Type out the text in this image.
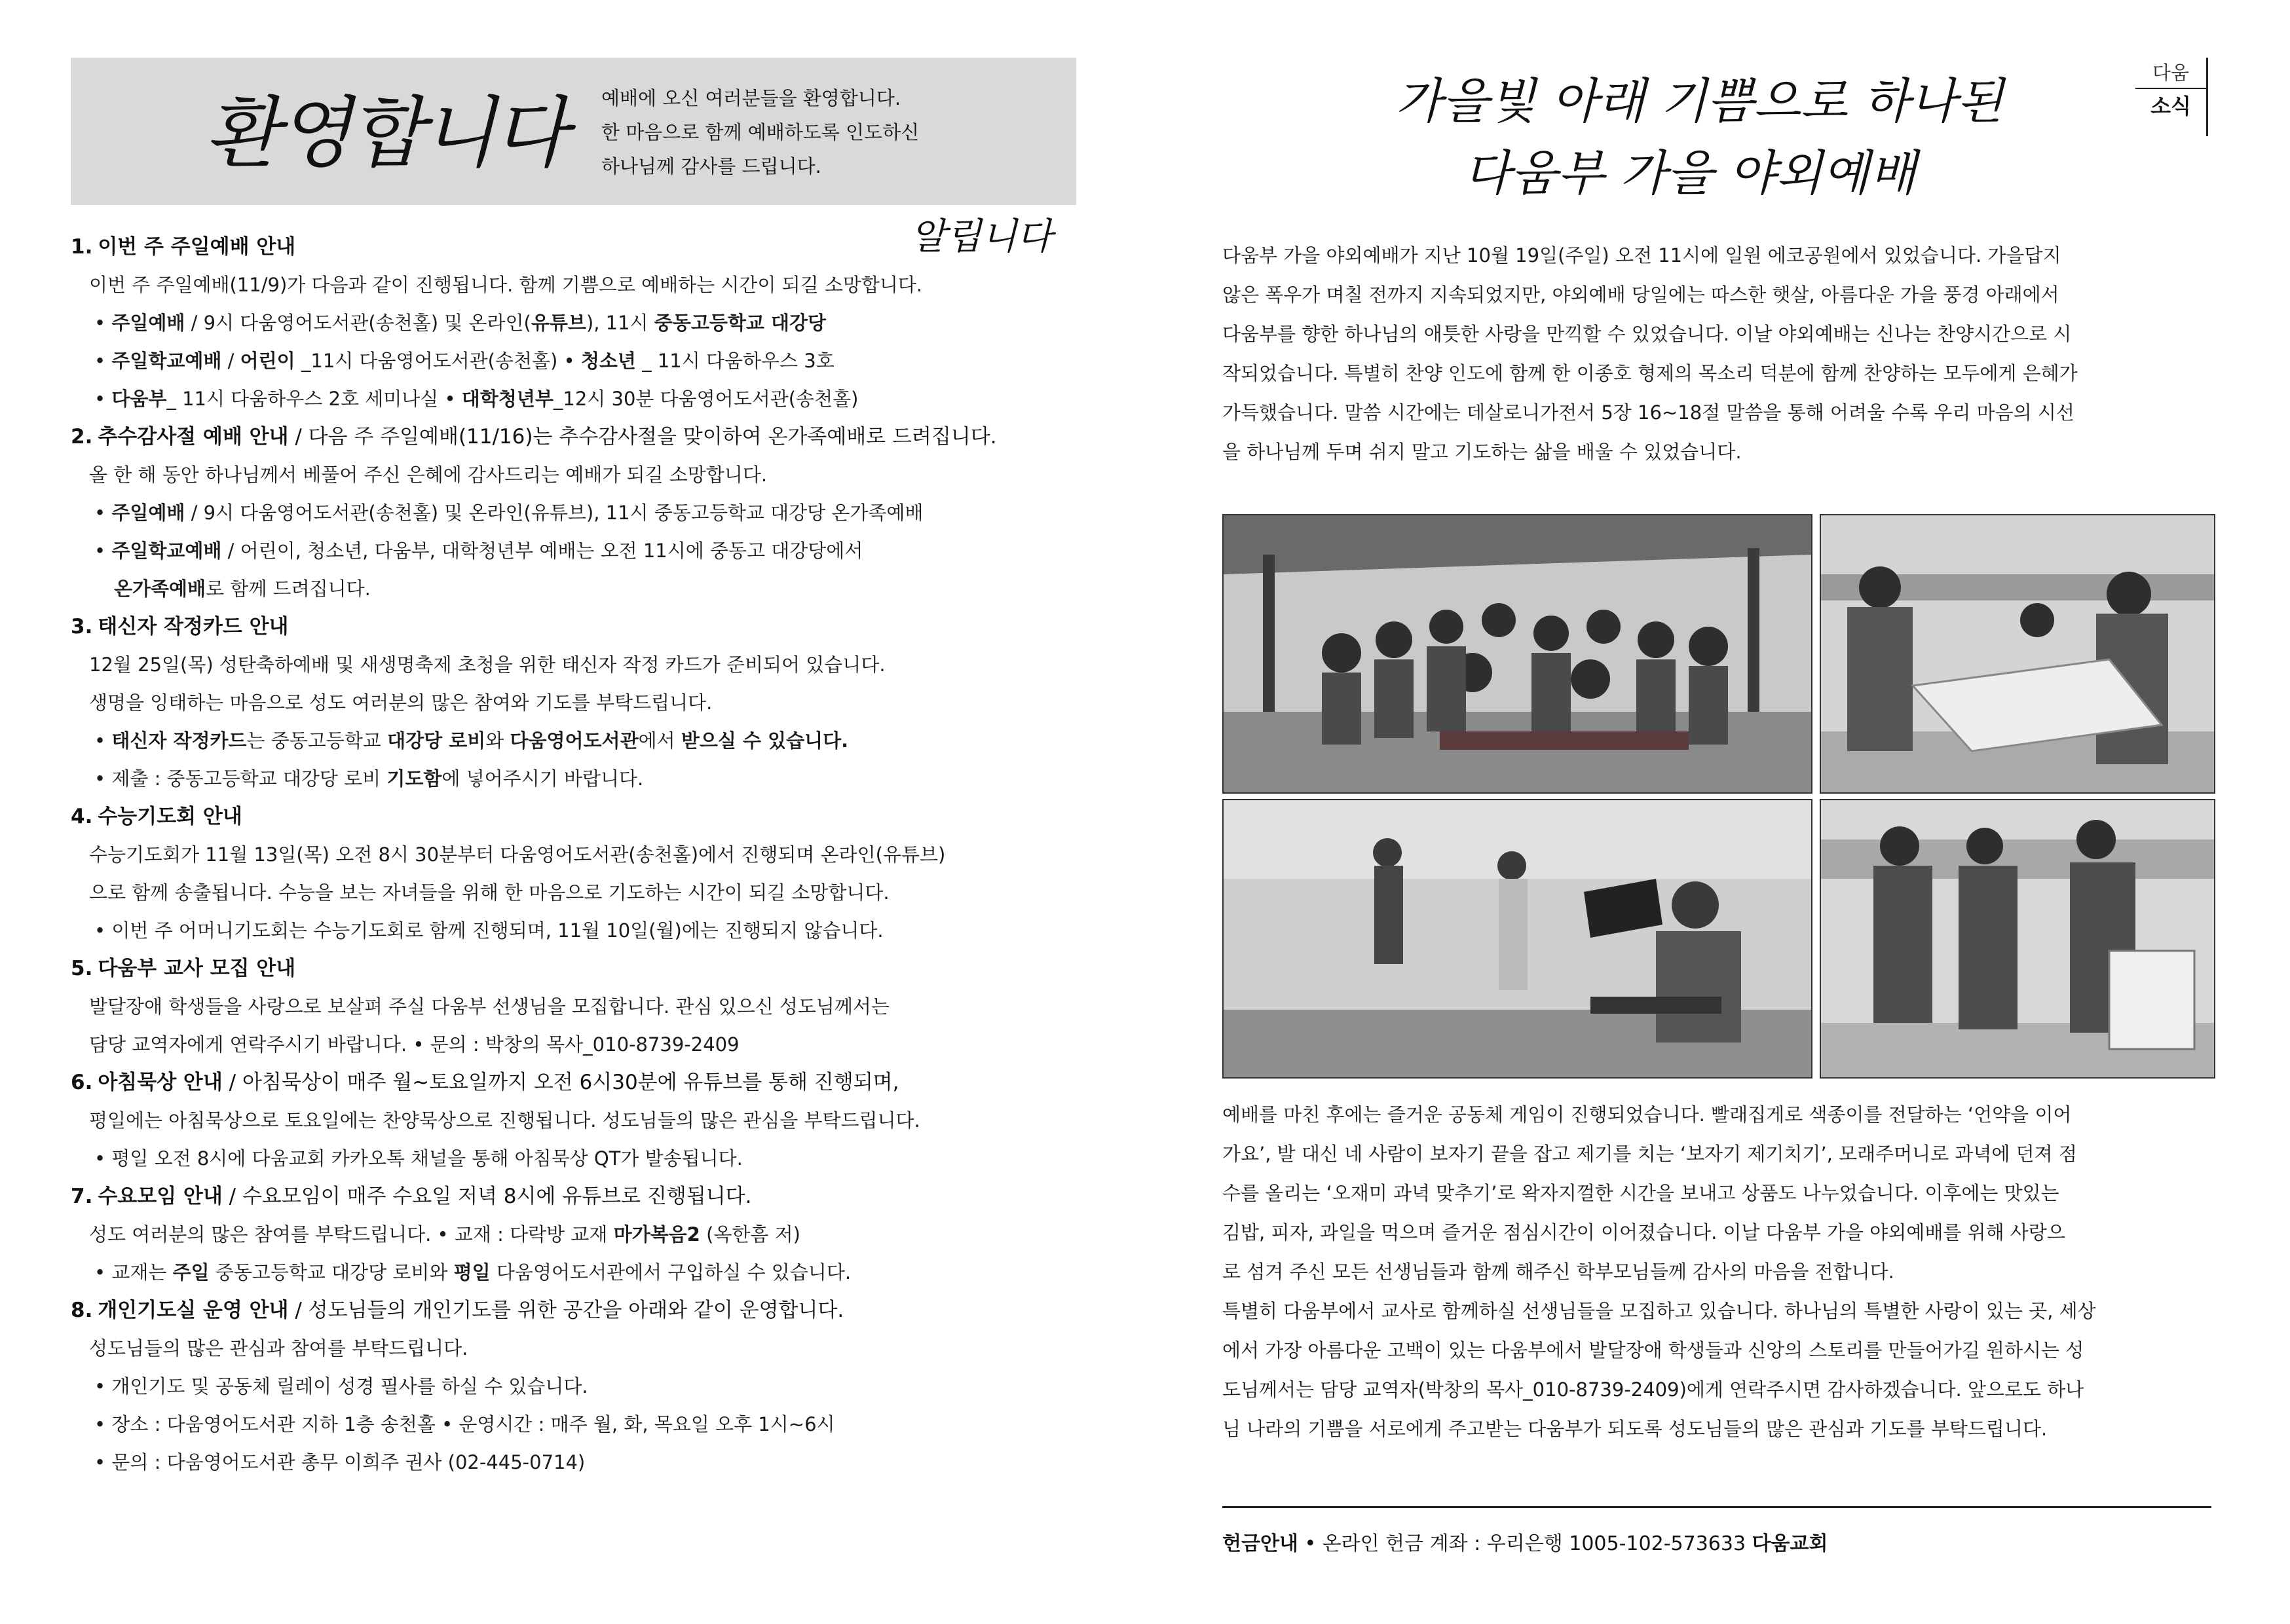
환영합니다	예배에 오신 여러분들을 환영합니다.
한 마음으로 함께 예배하도록 인도하신
하나님께 감사를 드립니다.
알립니다
1. 이번 주 주일예배 안내
이번 주 주일예배(11/9)가 다음과 같이 진행됩니다. 함께 기쁨으로 예배하는 시간이 되길 소망합니다.
• 주일예배 / 9시 다움영어도서관(송천홀) 및 온라인(유튜브), 11시 중동고등학교 대강당
• 주일학교예배 / 어린이 _11시 다움영어도서관(송천홀) • 청소년 _ 11시 다움하우스 3호
• 다움부_ 11시 다움하우스 2호 세미나실 • 대학청년부_12시 30분 다움영어도서관(송천홀)
2. 추수감사절 예배 안내 / 다음 주 주일예배(11/16)는 추수감사절을 맞이하여 온가족예배로 드려집니다.
올 한 해 동안 하나님께서 베풀어 주신 은혜에 감사드리는 예배가 되길 소망합니다.
• 주일예배 / 9시 다움영어도서관(송천홀) 및 온라인(유튜브), 11시 중동고등학교 대강당 온가족예배
• 주일학교예배 / 어린이, 청소년, 다움부, 대학청년부 예배는 오전 11시에 중동고 대강당에서
온가족예배로 함께 드려집니다.
3. 태신자 작정카드 안내
12월 25일(목) 성탄축하예배 및 새생명축제 초청을 위한 태신자 작정 카드가 준비되어 있습니다.
생명을 잉태하는 마음으로 성도 여러분의 많은 참여와 기도를 부탁드립니다.
• 태신자 작정카드는 중동고등학교 대강당 로비와 다움영어도서관에서 받으실 수 있습니다.
• 제출 : 중동고등학교 대강당 로비 기도함에 넣어주시기 바랍니다.
4. 수능기도회 안내
수능기도회가 11월 13일(목) 오전 8시 30분부터 다움영어도서관(송천홀)에서 진행되며 온라인(유튜브)
으로 함께 송출됩니다. 수능을 보는 자녀들을 위해 한 마음으로 기도하는 시간이 되길 소망합니다.
• 이번 주 어머니기도회는 수능기도회로 함께 진행되며, 11월 10일(월)에는 진행되지 않습니다.
5. 다움부 교사 모집 안내
발달장애 학생들을 사랑으로 보살펴 주실 다움부 선생님을 모집합니다. 관심 있으신 성도님께서는
담당 교역자에게 연락주시기 바랍니다. • 문의 : 박창의 목사_010-8739-2409
6. 아침묵상 안내 / 아침묵상이 매주 월~토요일까지 오전 6시30분에 유튜브를 통해 진행되며,
평일에는 아침묵상으로 토요일에는 찬양묵상으로 진행됩니다. 성도님들의 많은 관심을 부탁드립니다.
• 평일 오전 8시에 다움교회 카카오톡 채널을 통해 아침묵상 QT가 발송됩니다.
7. 수요모임 안내 / 수요모임이 매주 수요일 저녁 8시에 유튜브로 진행됩니다.
성도 여러분의 많은 참여를 부탁드립니다. • 교재 : 다락방 교재 마가복음2 (옥한흠 저)
• 교재는 주일 중동고등학교 대강당 로비와 평일 다움영어도서관에서 구입하실 수 있습니다.
8. 개인기도실 운영 안내 / 성도님들의 개인기도를 위한 공간을 아래와 같이 운영합니다.
성도님들의 많은 관심과 참여를 부탁드립니다.
• 개인기도 및 공동체 릴레이 성경 필사를 하실 수 있습니다.
• 장소 : 다움영어도서관 지하 1층 송천홀 • 운영시간 : 매주 월, 화, 목요일 오후 1시~6시
• 문의 : 다움영어도서관 총무 이희주 권사 (02-445-0714)
다움
소식
가을빛 아래 기쁨으로 하나된
다움부 가을 야외예배
다움부 가을 야외예배가 지난 10월 19일(주일) 오전 11시에 일원 에코공원에서 있었습니다. 가을답지
않은 폭우가 며칠 전까지 지속되었지만, 야외예배 당일에는 따스한 햇살, 아름다운 가을 풍경 아래에서
다움부를 향한 하나님의 애틋한 사랑을 만끽할 수 있었습니다. 이날 야외예배는 신나는 찬양시간으로 시
작되었습니다. 특별히 찬양 인도에 함께 한 이종호 형제의 목소리 덕분에 함께 찬양하는 모두에게 은혜가
가득했습니다. 말씀 시간에는 데살로니가전서 5장 16~18절 말씀을 통해 어려울 수록 우리 마음의 시선
을 하나님께 두며 쉬지 말고 기도하는 삶을 배울 수 있었습니다.
예배를 마친 후에는 즐거운 공동체 게임이 진행되었습니다. 빨래집게로 색종이를 전달하는 ‘언약을 이어
가요’, 발 대신 네 사람이 보자기 끝을 잡고 제기를 치는 ‘보자기 제기치기’, 모래주머니로 과녁에 던져 점
수를 올리는 ‘오재미 과녁 맞추기’로 왁자지껄한 시간을 보내고 상품도 나누었습니다. 이후에는 맛있는
김밥, 피자, 과일을 먹으며 즐거운 점심시간이 이어졌습니다. 이날 다움부 가을 야외예배를 위해 사랑으
로 섬겨 주신 모든 선생님들과 함께 해주신 학부모님들께 감사의 마음을 전합니다.
특별히 다움부에서 교사로 함께하실 선생님들을 모집하고 있습니다. 하나님의 특별한 사랑이 있는 곳, 세상
에서 가장 아름다운 고백이 있는 다움부에서 발달장애 학생들과 신앙의 스토리를 만들어가길 원하시는 성
도님께서는 담당 교역자(박창의 목사_010-8739-2409)에게 연락주시면 감사하겠습니다. 앞으로도 하나
님 나라의 기쁨을 서로에게 주고받는 다움부가 되도록 성도님들의 많은 관심과 기도를 부탁드립니다.
헌금안내 • 온라인 헌금 계좌 : 우리은행 1005-102-573633 다움교회
